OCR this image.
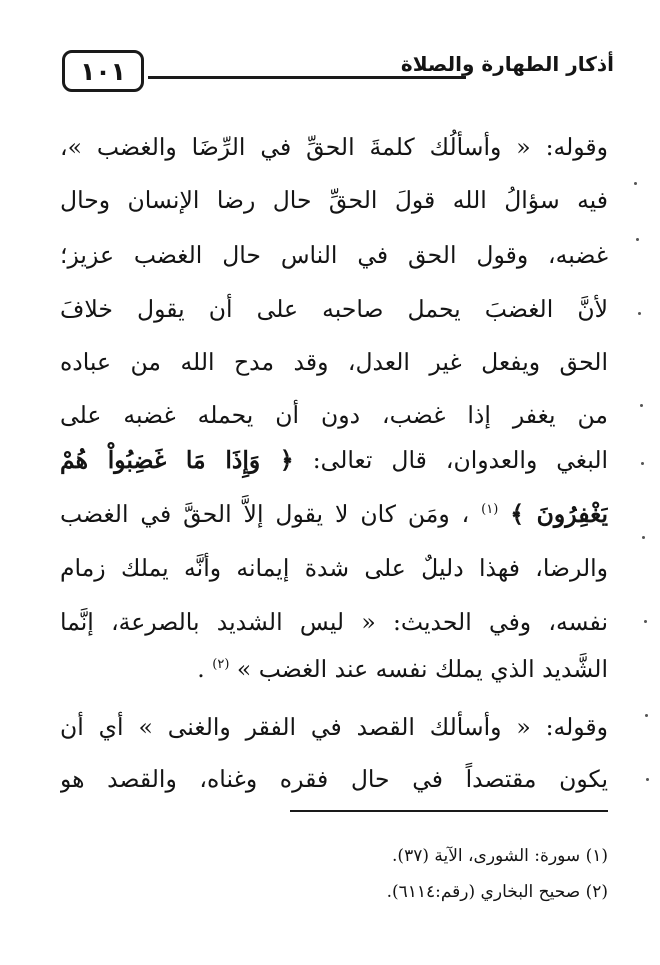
١٠١	أذكار الطهارة والصلاة
وقوله: « وأسألُك كلمةَ الحقِّ في الرِّضَا والغضب »،
فيه سؤالُ الله قولَ الحقِّ حال رضا الإنسان وحال
غضبه، وقول الحق في الناس حال الغضب عزيز؛
لأنَّ الغضبَ يحمل صاحبه على أن يقول خلافَ
الحق ويفعل غير العدل، وقد مدح الله من عباده
من يغفر إذا غضب، دون أن يحمله غضبه على
البغي والعدوان، قال تعالى: ﴿ وَإِذَا مَا غَضِبُواْ هُمْ
يَغْفِرُونَ ﴾ $^{(١)}$ ، ومَن كان لا يقول إلاَّ الحقَّ في الغضب
والرضا، فهذا دليلٌ على شدة إيمانه وأنَّه يملك زمام
نفسه، وفي الحديث: « ليس الشديد بالصرعة، إنَّما
الشَّديد الذي يملك نفسه عند الغضب » $^{(٢)}$ .
وقوله: « وأسألك القصد في الفقر والغنى » أي أن
يكون مقتصداً في حال فقره وغناه، والقصد هو
(١) سورة: الشورى، الآية (٣٧).
(٢) صحيح البخاري (رقم:٦١١٤).
